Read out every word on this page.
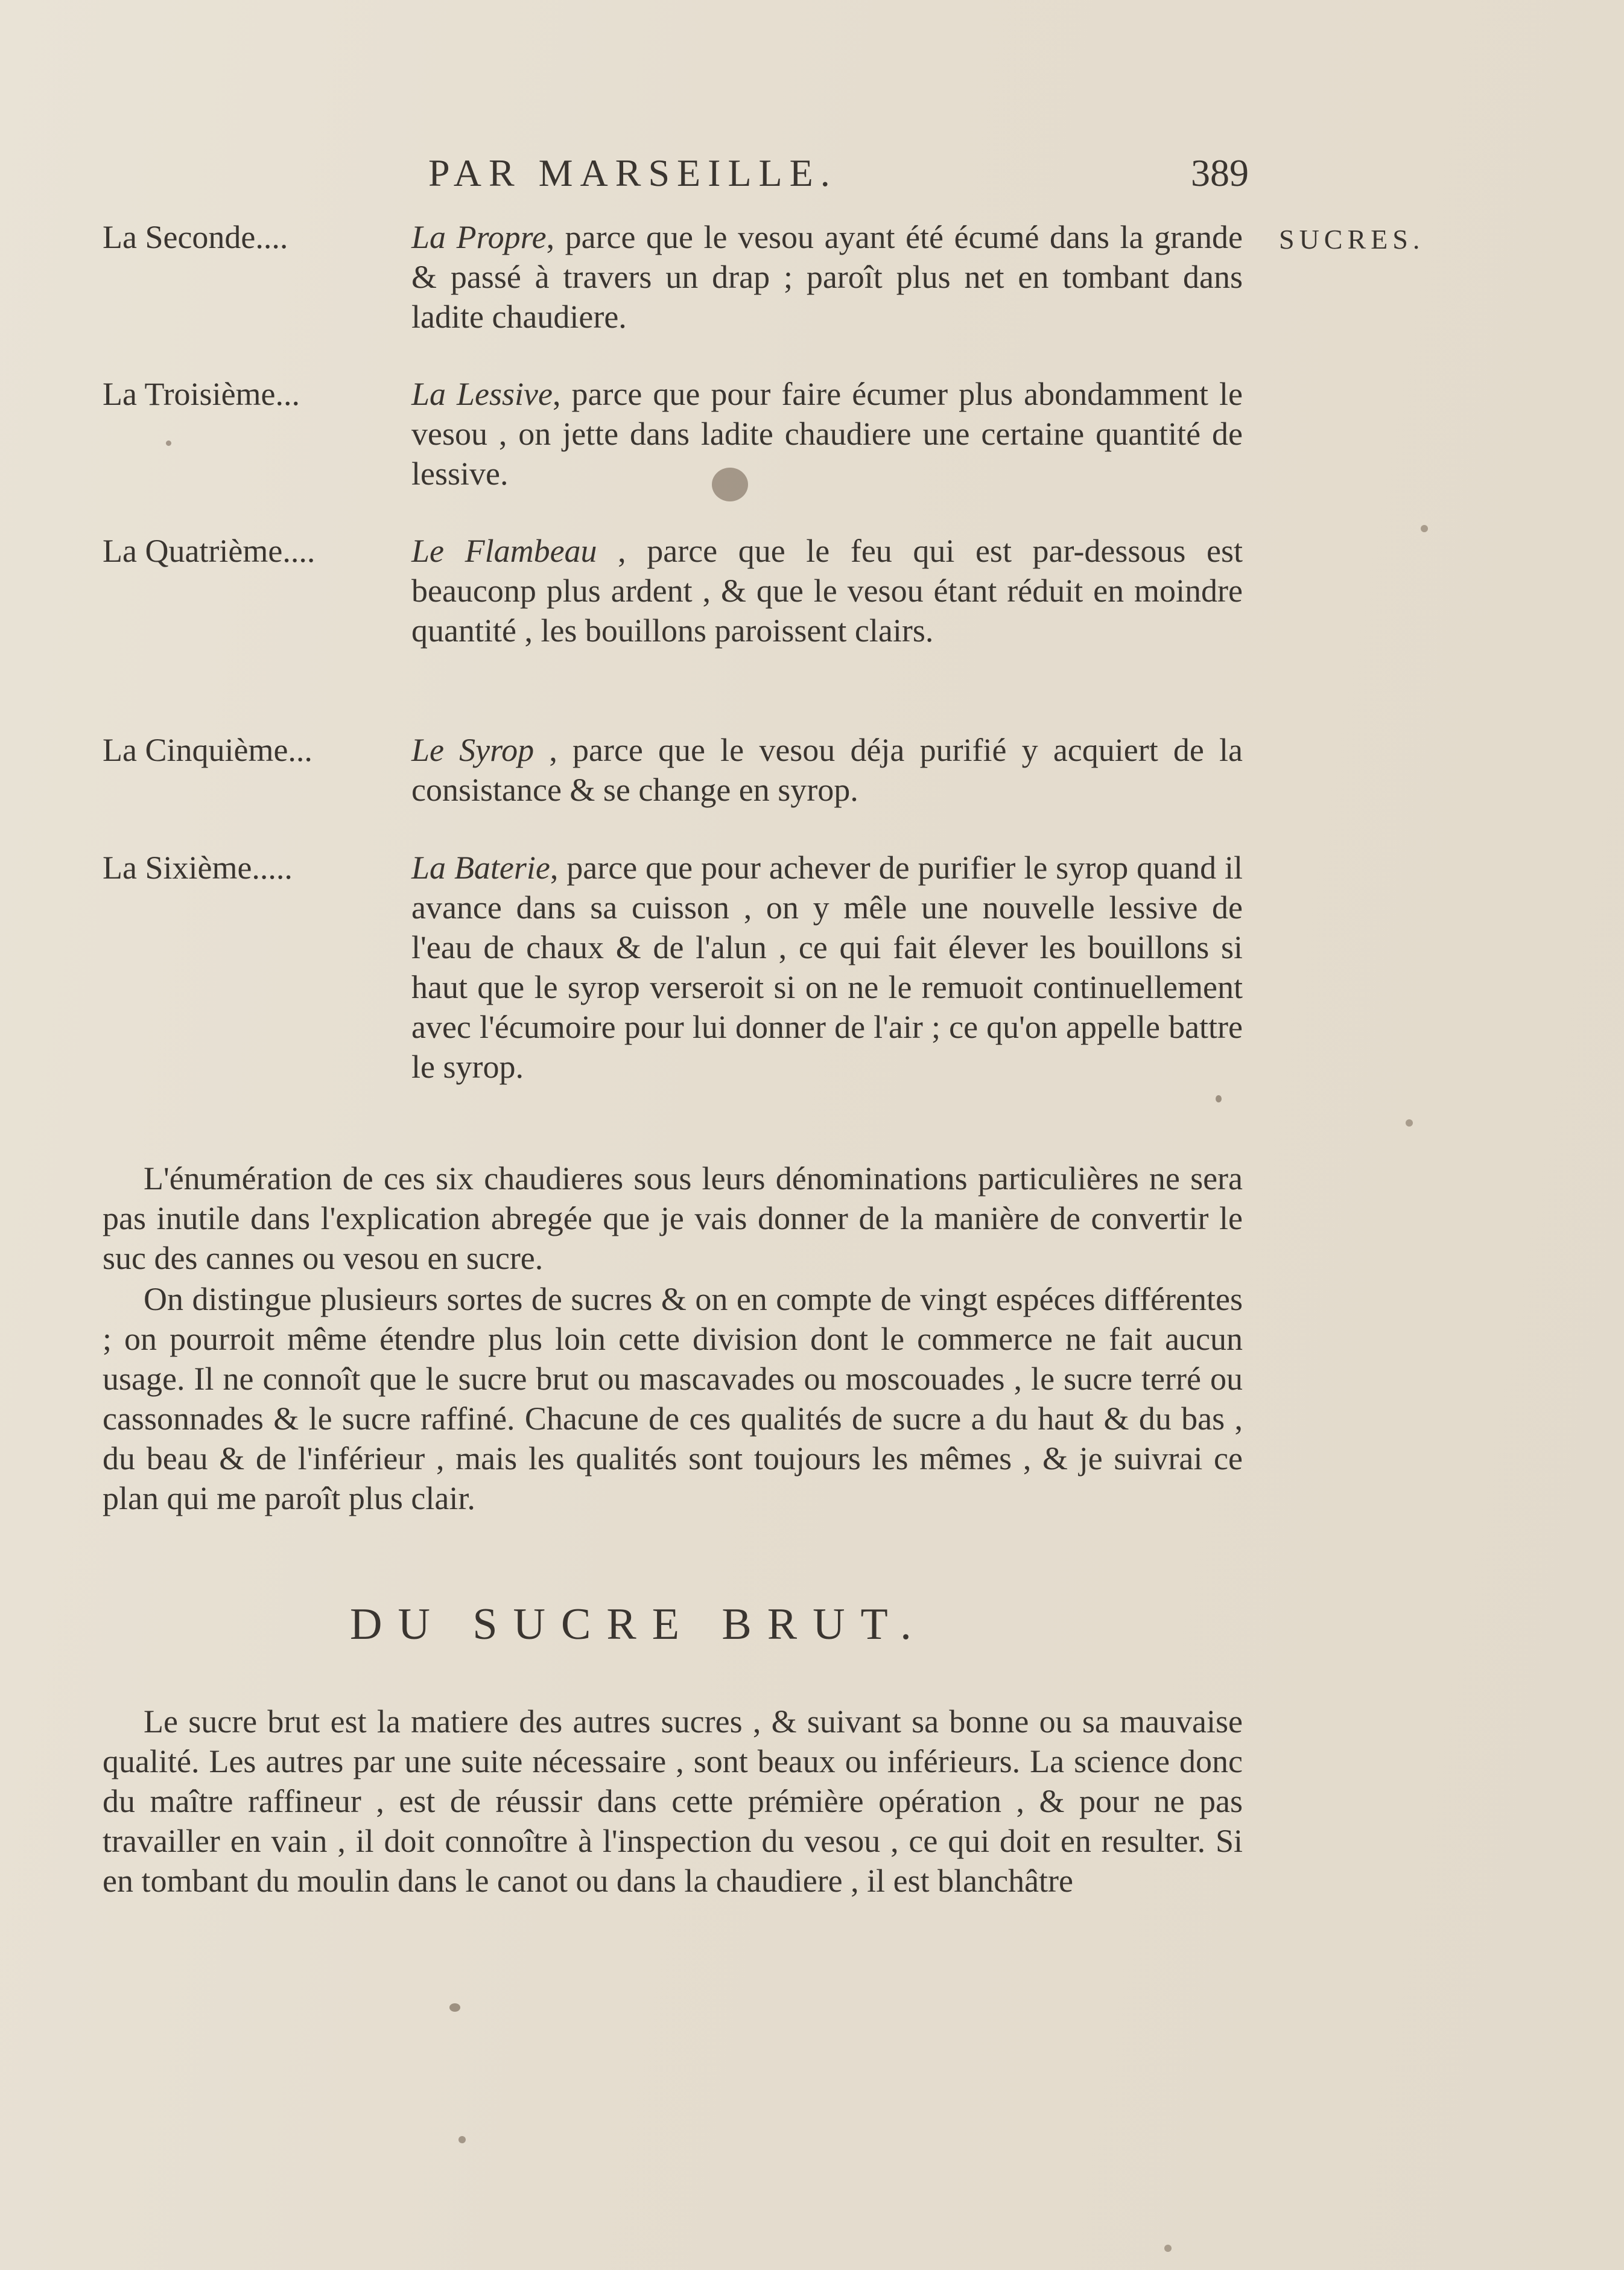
PAR MARSEILLE.	389
SUCRES.
La Seconde....	La Propre, parce que le vesou ayant été écumé dans la grande & passé à travers un drap ; paroît plus net en tombant dans ladite chaudiere.
La Troisième...	La Lessive, parce que pour faire écumer plus abondamment le vesou , on jette dans ladite chaudiere une certaine quantité de lessive.
La Quatrième....	Le Flambeau , parce que le feu qui est par-dessous est beauconp plus ardent , & que le vesou étant réduit en moindre quantité , les bouillons paroissent clairs.
La Cinquième...	Le Syrop , parce que le vesou déja purifié y acquiert de la consistance & se change en syrop.
La Sixième.....	La Baterie, parce que pour achever de purifier le syrop quand il avance dans sa cuisson , on y mêle une nouvelle lessive de l'eau de chaux & de l'alun , ce qui fait élever les bouillons si haut que le syrop verseroit si on ne le remuoit continuellement avec l'écumoire pour lui donner de l'air ; ce qu'on appelle battre le syrop.

L'énumération de ces six chaudieres sous leurs dénominations particulières ne sera pas inutile dans l'explication abregée que je vais donner de la manière de convertir le suc des cannes ou vesou en sucre.

On distingue plusieurs sortes de sucres & on en compte de vingt espéces différentes ; on pourroit même étendre plus loin cette division dont le commerce ne fait aucun usage. Il ne connoît que le sucre brut ou mascavades ou moscouades , le sucre terré ou cassonnades & le sucre raffiné. Chacune de ces qualités de sucre a du haut & du bas , du beau & de l'inférieur , mais les qualités sont toujours les mêmes , & je suivrai ce plan qui me paroît plus clair.

DU SUCRE BRUT.

Le sucre brut est la matiere des autres sucres , & suivant sa bonne ou sa mauvaise qualité. Les autres par une suite nécessaire , sont beaux ou inférieurs. La science donc du maître raffineur , est de réussir dans cette prémière opération , & pour ne pas travailler en vain , il doit connoître à l'inspection du vesou , ce qui doit en resulter. Si en tombant du moulin dans le canot ou dans la chaudiere , il est blanchâtre
